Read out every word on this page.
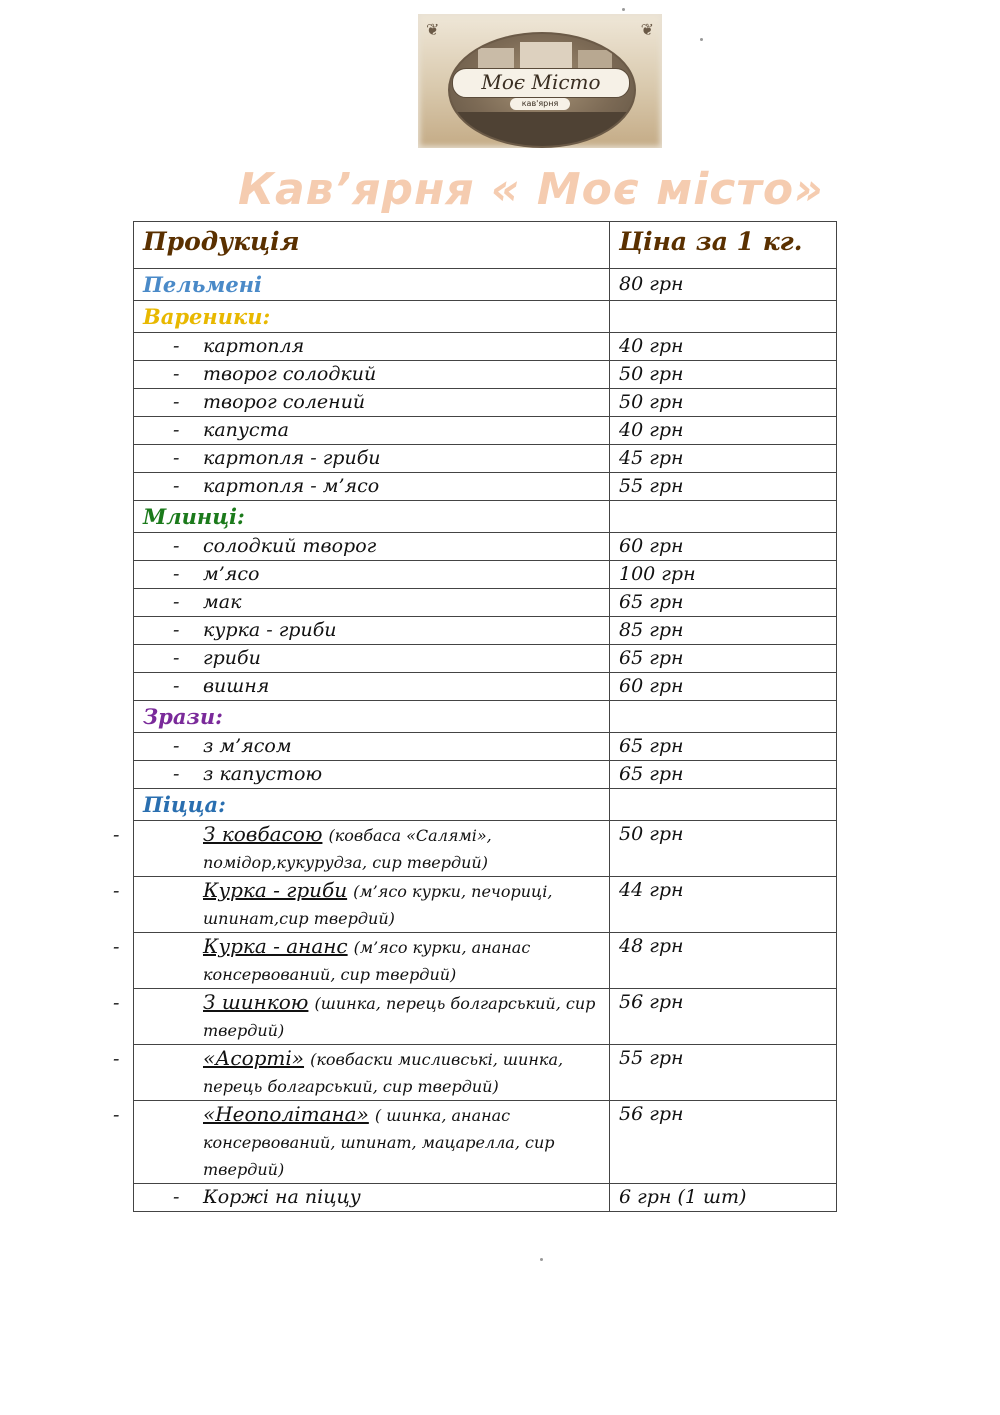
❦	❦
Моє Місто
кав'ярня
Кав’ярня « Моє місто»
Продукція	Ціна за 1 кг.
Пельмені	80 грн
Вареники:	
- картопля	40 грн
- творог солодкий	50 грн
- творог солений	50 грн
- капуста	40 грн
- картопля - гриби	45 грн
- картопля - м’ясо	55 грн
Млинці:	
- солодкий творог	60 грн
- м’ясо	100 грн
- мак	65 грн
- курка - гриби	85 грн
- гриби	65 грн
- вишня	60 грн
Зрази:	
- з м’ясом	65 грн
- з капустою	65 грн
Піцца:	

- З ковбасою (ковбаса «Салямі», помідор,кукурудза, сир твердий)	50 грн

- Курка - гриби (м’ясо курки, печориці, шпинат,сир твердий)	44 грн

- Курка - ананс (м’ясо курки, ананас консервований, сир твердий)	48 грн

- З шинкою (шинка, перець болгарський, сир твердий)	56 грн

- «Асорті» (ковбаски мисливські, шинка, перець болгарський, сир твердий)	55 грн

- «Неополітана» ( шинка, ананас консервований, шпинат, мацарелла, сир твердий)	56 грн
- Коржі на піццу	6 грн (1 шт)
